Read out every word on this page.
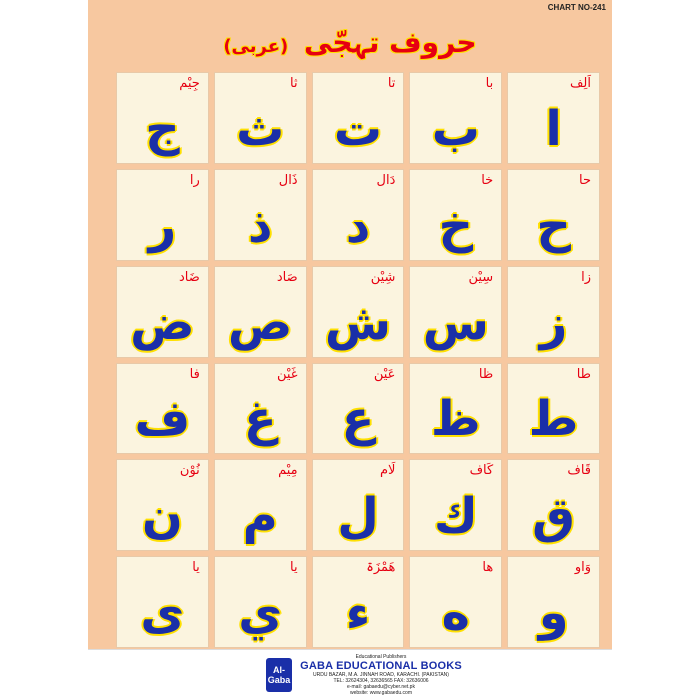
CHART NO-241
حروف تہجّی (عربی)
اَلِف
ا
با
ب
تا
ت
ثا
ث
جِیْم
ج
حا
ح
خا
خ
دَال
د
ذَال
ذ
را
ر
زا
ز
سِیْن
س
شِیْن
ش
صَاد
ص
ضَاد
ض
طا
ط
ظا
ظ
عَیْن
ع
غَیْن
غ
فا
ف
قَاف
ق
کَاف
ك
لَام
ل
مِیْم
م
نُوْن
ن
وَاو
و
ھا
ه
ھَمْزَۃ
ء
یا
ي
یا
ی
Al-Gaba
Educational Publishers
GABA EDUCATIONAL BOOKS
URDU BAZAR, M.A. JINNAH ROAD, KARACHI. (PAKISTAN)
TEL: 32624304, 32636565 FAX: 32636006
e-mail: gabaedu@cyber.net.pk
website: www.gabaedu.com
